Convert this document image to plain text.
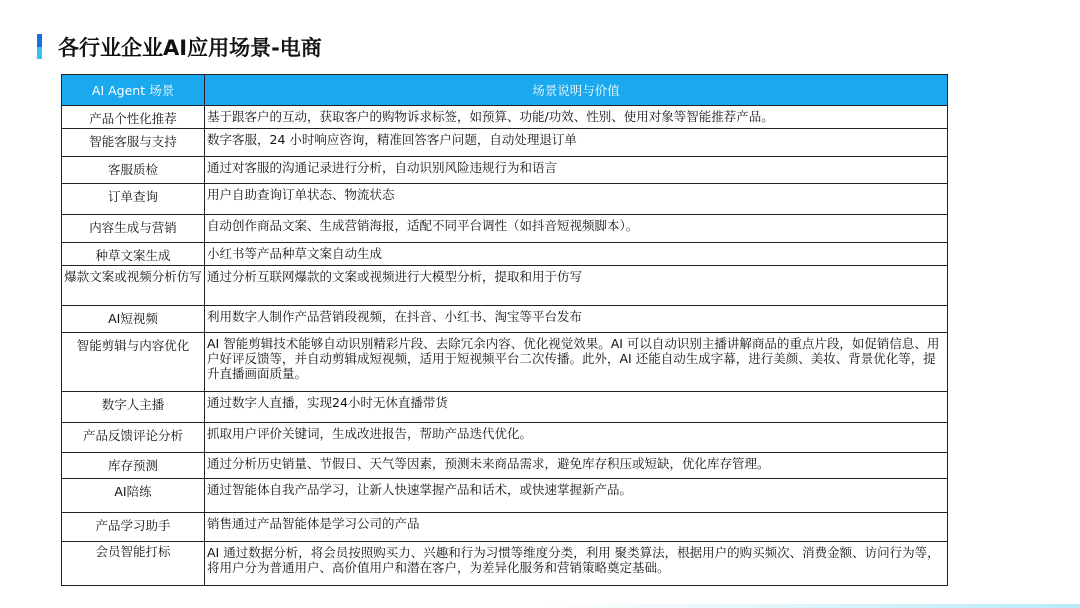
各行业企业AI应用场景-电商
AI Agent 场景	场景说明与价值
产品个性化推荐	基于跟客户的互动，获取客户的购物诉求标签，如预算、功能/功效、性别、使用对象等智能推荐产品。
智能客服与支持	数字客服，24 小时响应咨询，精准回答客户问题，自动处理退订单
客服质检	通过对客服的沟通记录进行分析，自动识别风险违规行为和语言
订单查询	用户自助查询订单状态、物流状态
内容生成与营销	自动创作商品文案、生成营销海报，适配不同平台调性（如抖音短视频脚本）。
种草文案生成	小红书等产品种草文案自动生成
爆款文案或视频分析仿写	通过分析互联网爆款的文案或视频进行大模型分析，提取和用于仿写
AI短视频	利用数字人制作产品营销段视频，在抖音、小红书、淘宝等平台发布
智能剪辑与内容优化	AI 智能剪辑技术能够自动识别精彩片段、去除冗余内容、优化视觉效果。AI 可以自动识别主播讲解商品的重点片段，如促销信息、用户好评反馈等，并自动剪辑成短视频，适用于短视频平台二次传播。此外，AI 还能自动生成字幕，进行美颜、美妆、背景优化等，提升直播画面质量。
数字人主播	通过数字人直播，实现24小时无休直播带货
产品反馈评论分析	抓取用户评价关键词，生成改进报告，帮助产品迭代优化。
库存预测	通过分析历史销量、节假日、天气等因素，预测未来商品需求，避免库存积压或短缺，优化库存管理。
AI陪练	通过智能体自我产品学习，让新人快速掌握产品和话术，或快速掌握新产品。
产品学习助手	销售通过产品智能体是学习公司的产品
会员智能打标	AI 通过数据分析，将会员按照购买力、兴趣和行为习惯等维度分类，利用 聚类算法，根据用户的购买频次、消费金额、访问行为等，将用户分为普通用户、高价值用户和潜在客户，为差异化服务和营销策略奠定基础。
